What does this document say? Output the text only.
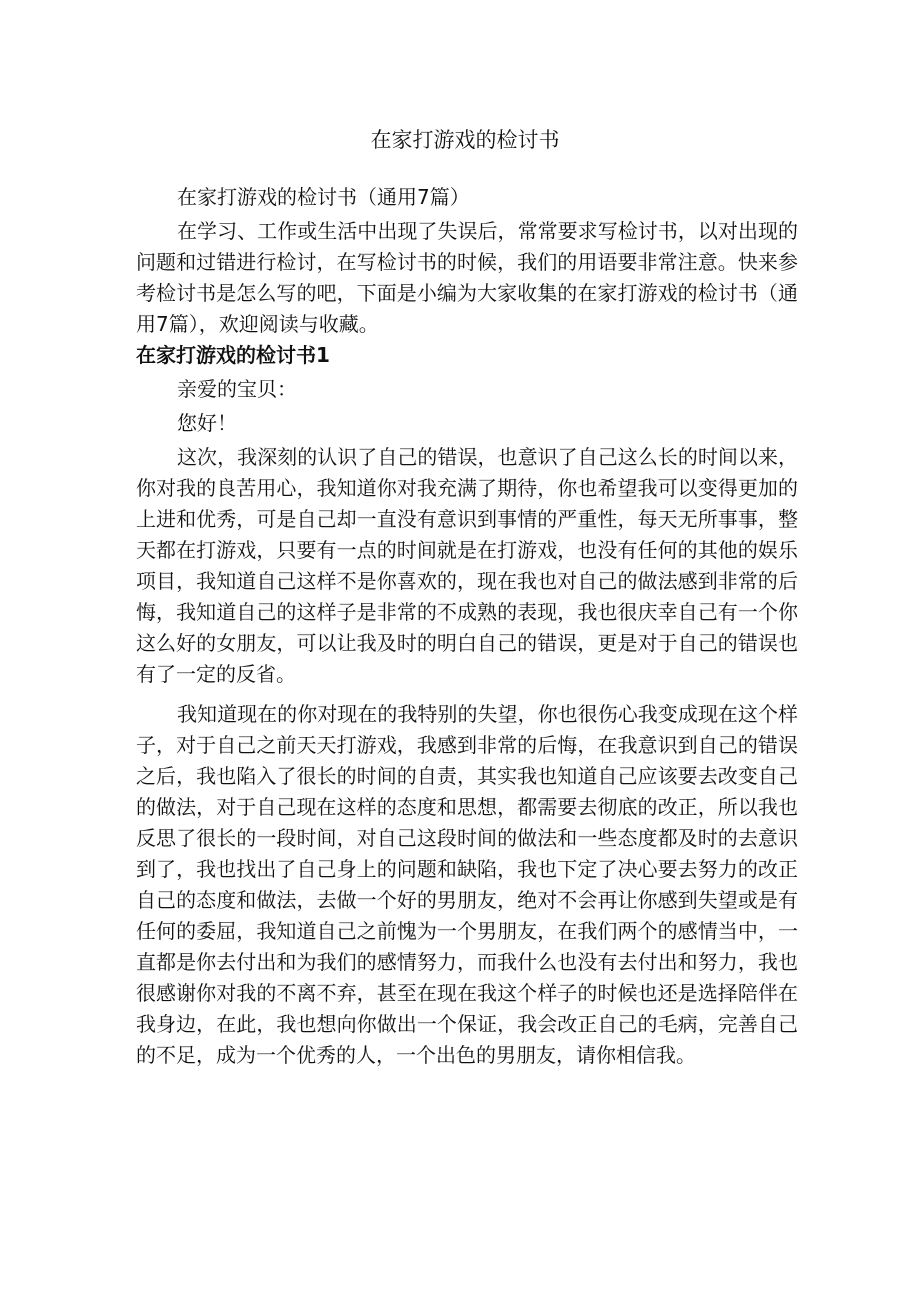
在家打游戏的检讨书

在家打游戏的检讨书（通用7篇）

在学习、工作或生活中出现了失误后，常常要求写检讨书，以对出现的问题和过错进行检讨，在写检讨书的时候，我们的用语要非常注意。快来参考检讨书是怎么写的吧，下面是小编为大家收集的在家打游戏的检讨书（通用7篇），欢迎阅读与收藏。

在家打游戏的检讨书1

亲爱的宝贝：

您好！

这次，我深刻的认识了自己的错误，也意识了自己这么长的时间以来，你对我的良苦用心，我知道你对我充满了期待，你也希望我可以变得更加的上进和优秀，可是自己却一直没有意识到事情的严重性，每天无所事事，整天都在打游戏，只要有一点的时间就是在打游戏，也没有任何的其他的娱乐项目，我知道自己这样不是你喜欢的，现在我也对自己的做法感到非常的后悔，我知道自己的这样子是非常的不成熟的表现，我也很庆幸自己有一个你这么好的女朋友，可以让我及时的明白自己的错误，更是对于自己的错误也有了一定的反省。

我知道现在的你对现在的我特别的失望，你也很伤心我变成现在这个样子，对于自己之前天天打游戏，我感到非常的后悔，在我意识到自己的错误之后，我也陷入了很长的时间的自责，其实我也知道自己应该要去改变自己的做法，对于自己现在这样的态度和思想，都需要去彻底的改正，所以我也反思了很长的一段时间，对自己这段时间的做法和一些态度都及时的去意识到了，我也找出了自己身上的问题和缺陷，我也下定了决心要去努力的改正自己的态度和做法，去做一个好的男朋友，绝对不会再让你感到失望或是有任何的委屈，我知道自己之前愧为一个男朋友，在我们两个的感情当中，一直都是你去付出和为我们的感情努力，而我什么也没有去付出和努力，我也很感谢你对我的不离不弃，甚至在现在我这个样子的时候也还是选择陪伴在我身边，在此，我也想向你做出一个保证，我会改正自己的毛病，完善自己的不足，成为一个优秀的人，一个出色的男朋友，请你相信我。
